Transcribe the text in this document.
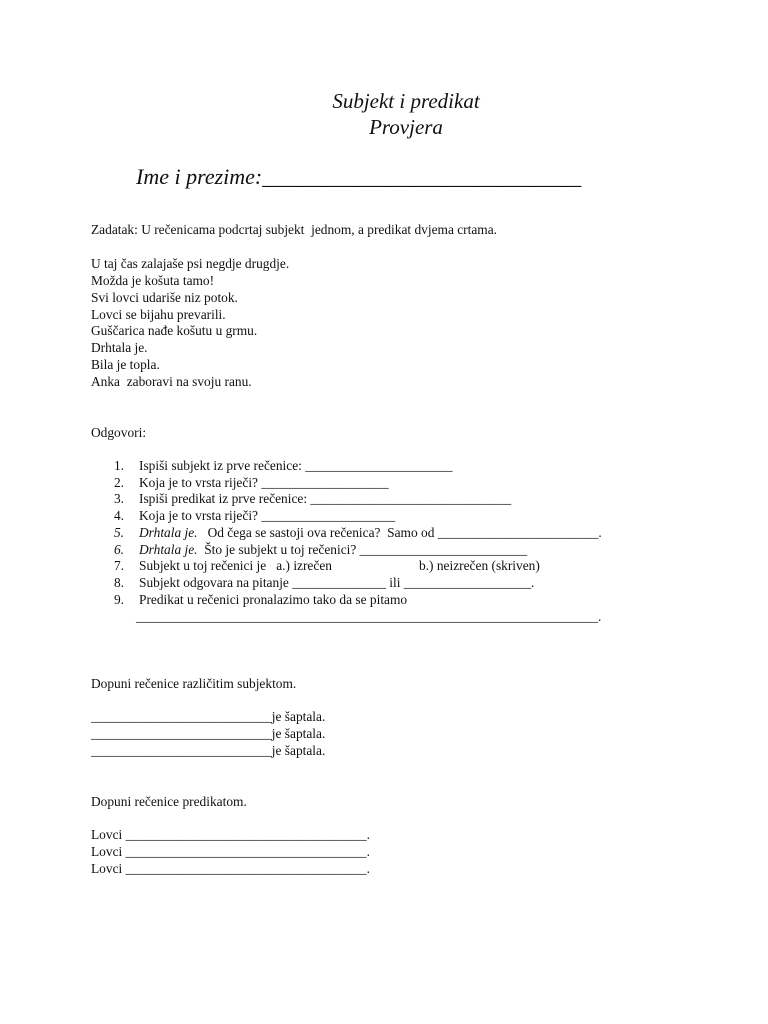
Subjekt i predikat
Provjera
Ime i prezime:_____________________________
Zadatak: U rečenicama podcrtaj subjekt  jednom, a predikat dvjema crtama.
U taj čas zalajaše psi negdje drugdje.
Možda je košuta tamo!
Svi lovci udariše niz potok.
Lovci se bijahu prevarili.
Guščarica nađe košutu u grmu.
Drhtala je.
Bila je topla.
Anka  zaboravi na svoju ranu.
Odgovori:
1. Ispiši subjekt iz prve rečenice: ______________________
2. Koja je to vrsta riječi? ___________________
3. Ispiši predikat iz prve rečenice: ______________________________
4. Koja je to vrsta riječi? ____________________
5. Drhtala je.   Od čega se sastoji ova rečenica?  Samo od ________________________.
6. Drhtala je.  Što je subjekt u toj rečenici? _________________________
7. Subjekt u toj rečenici je   a.) izrečen                          b.) neizrečen (skriven)
8. Subjekt odgovara na pitanje ______________ ili ___________________.
9. Predikat u rečenici pronalazimo tako da se pitamo
_____________________________________________________________________.
Dopuni rečenice različitim subjektom.
___________________________je šaptala.
___________________________je šaptala.
___________________________je šaptala.
Dopuni rečenice predikatom.
Lovci ____________________________________.
Lovci ____________________________________.
Lovci ____________________________________.
